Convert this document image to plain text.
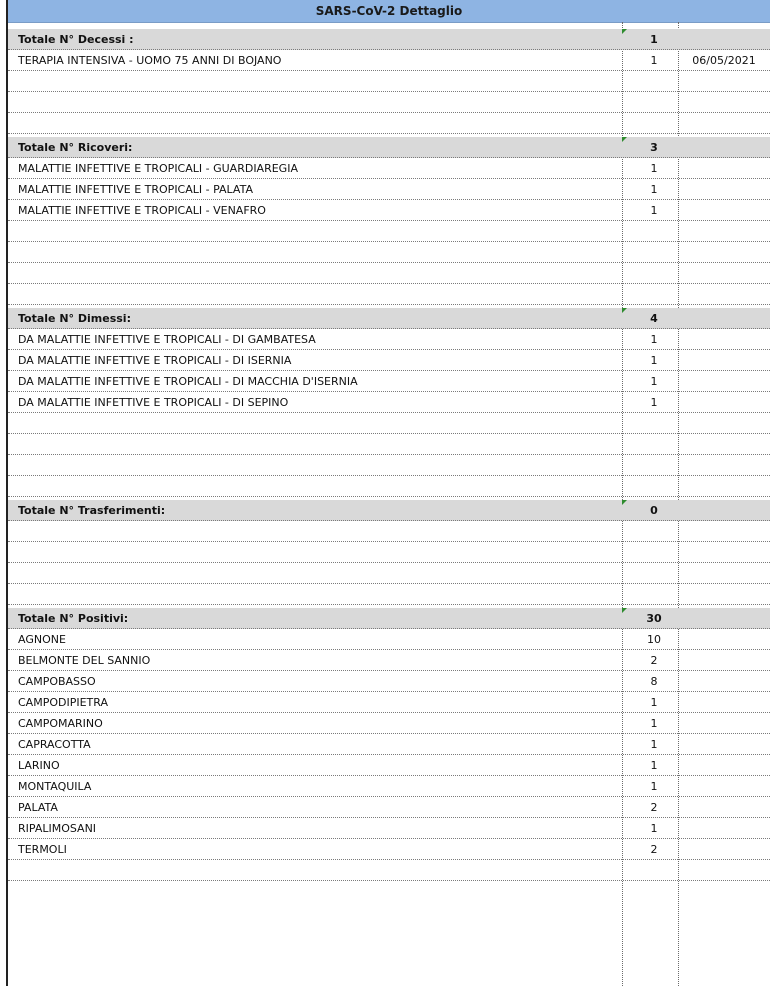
SARS-CoV-2 Dettaglio
Totale N° Decessi :	1
TERAPIA INTENSIVA - UOMO 75 ANNI DI BOJANO	1	06/05/2021
Totale N° Ricoveri:	3
MALATTIE INFETTIVE E TROPICALI - GUARDIAREGIA	1
MALATTIE INFETTIVE E TROPICALI - PALATA	1
MALATTIE INFETTIVE E TROPICALI - VENAFRO	1
Totale N° Dimessi:	4
DA MALATTIE INFETTIVE E TROPICALI - DI GAMBATESA	1
DA MALATTIE INFETTIVE E TROPICALI - DI ISERNIA	1
DA MALATTIE INFETTIVE E TROPICALI - DI MACCHIA D'ISERNIA	1
DA MALATTIE INFETTIVE E TROPICALI - DI SEPINO	1
Totale N° Trasferimenti:	0
Totale N° Positivi:	30
AGNONE	10
BELMONTE DEL SANNIO	2
CAMPOBASSO	8
CAMPODIPIETRA	1
CAMPOMARINO	1
CAPRACOTTA	1
LARINO	1
MONTAQUILA	1
PALATA	2
RIPALIMOSANI	1
TERMOLI	2
